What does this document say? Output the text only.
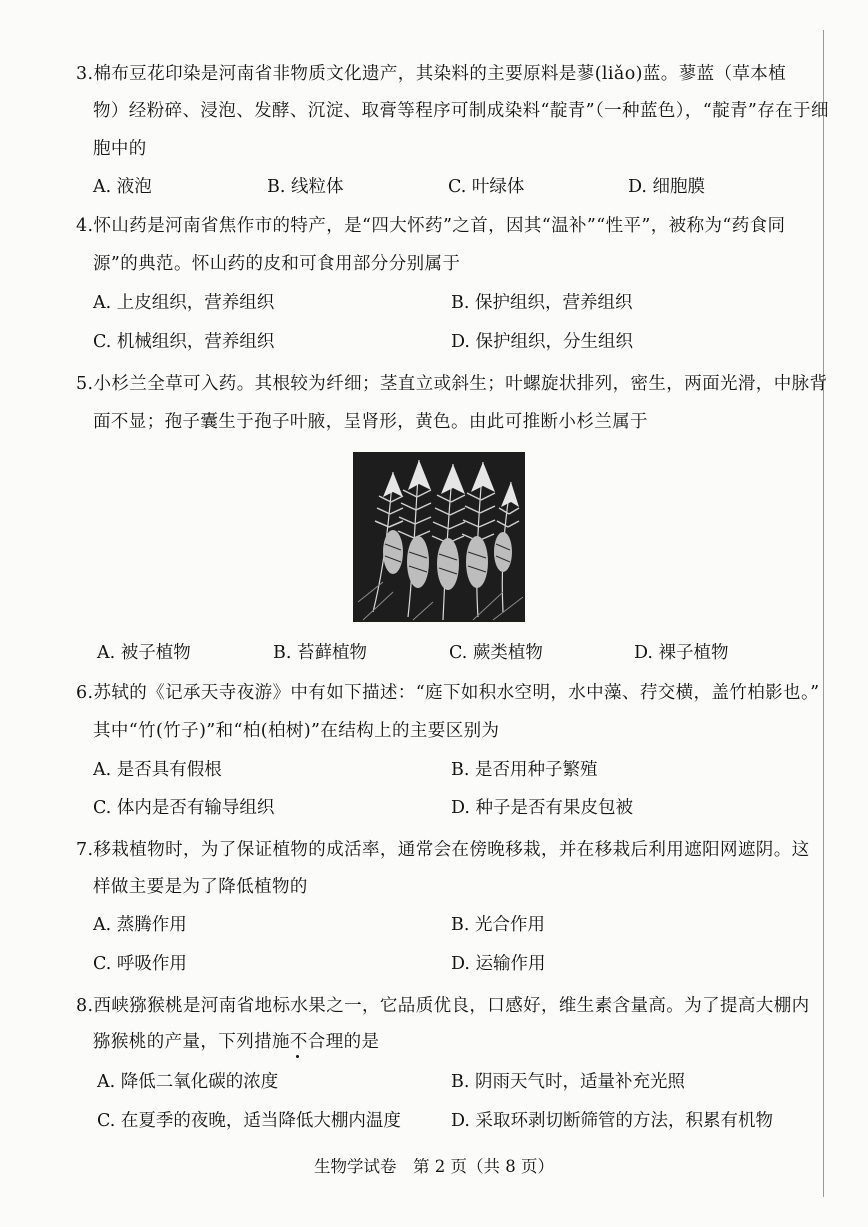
3.棉布豆花印染是河南省非物质文化遗产，其染料的主要原料是蓼(liǎo)蓝。蓼蓝（草本植
物）经粉碎、浸泡、发酵、沉淀、取膏等程序可制成染料“靛青”（一种蓝色），“靛青”存在于细
胞中的
A. 液泡	B. 线粒体	C. 叶绿体	D. 细胞膜
4.怀山药是河南省焦作市的特产，是“四大怀药”之首，因其“温补”“性平”，被称为“药食同
源”的典范。怀山药的皮和可食用部分分别属于
A. 上皮组织，营养组织	B. 保护组织，营养组织
C. 机械组织，营养组织	D. 保护组织，分生组织
5.小杉兰全草可入药。其根较为纤细；茎直立或斜生；叶螺旋状排列，密生，两面光滑，中脉背
面不显；孢子囊生于孢子叶腋，呈肾形，黄色。由此可推断小杉兰属于
A. 被子植物	B. 苔藓植物	C. 蕨类植物	D. 裸子植物
6.苏轼的《记承天寺夜游》中有如下描述：“庭下如积水空明，水中藻、荇交横，盖竹柏影也。”
其中“竹(竹子)”和“柏(柏树)”在结构上的主要区别为
A. 是否具有假根	B. 是否用种子繁殖
C. 体内是否有输导组织	D. 种子是否有果皮包被
7.移栽植物时，为了保证植物的成活率，通常会在傍晚移栽，并在移栽后利用遮阳网遮阴。这
样做主要是为了降低植物的
A. 蒸腾作用	B. 光合作用
C. 呼吸作用	D. 运输作用
8.西峡猕猴桃是河南省地标水果之一，它品质优良，口感好，维生素含量高。为了提高大棚内
猕猴桃的产量，下列措施不合理的是
A. 降低二氧化碳的浓度	B. 阴雨天气时，适量补充光照
C. 在夏季的夜晚，适当降低大棚内温度	D. 采取环剥切断筛管的方法，积累有机物
生物学试卷　第 2 页（共 8 页）
